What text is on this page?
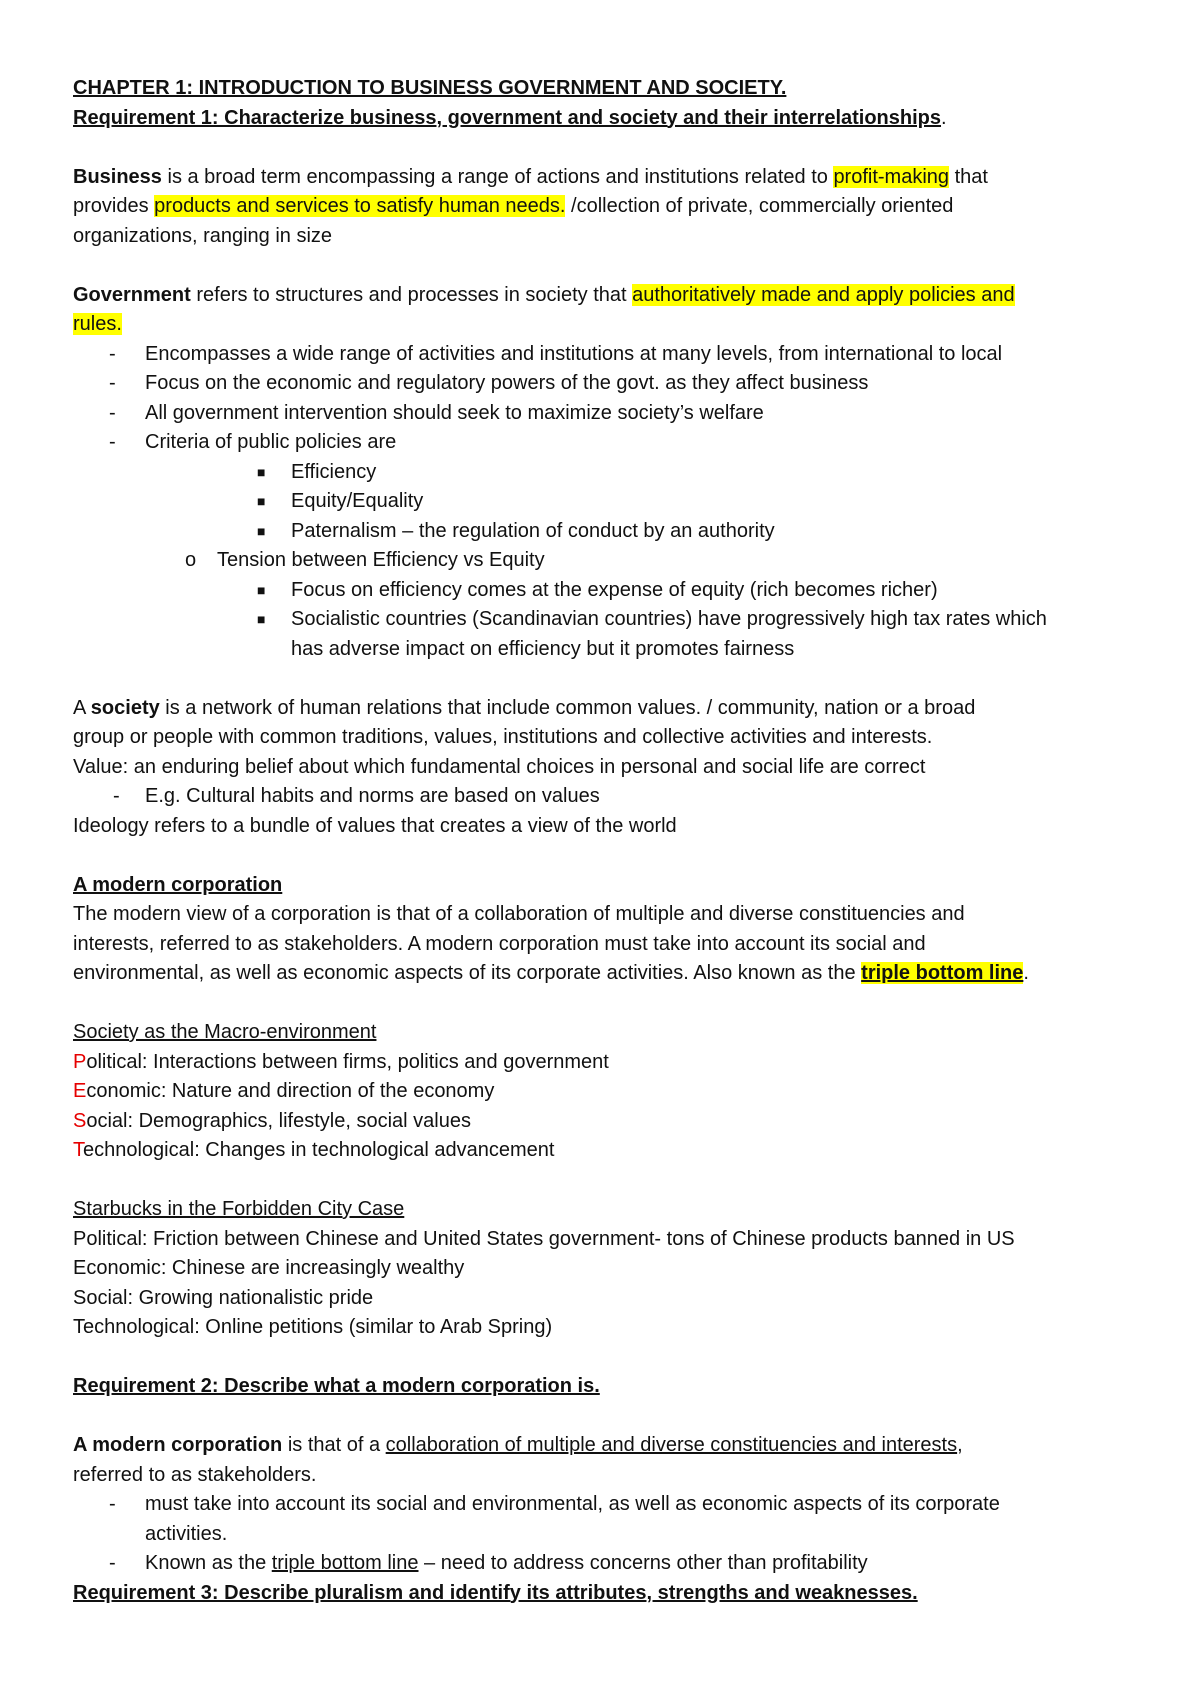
CHAPTER 1: INTRODUCTION TO BUSINESS GOVERNMENT AND SOCIETY.
Requirement 1: Characterize business, government and society and their interrelationships.
Business is a broad term encompassing a range of actions and institutions related to profit-making that
provides products and services to satisfy human needs. /collection of private, commercially oriented
organizations, ranging in size
Government refers to structures and processes in society that authoritatively made and apply policies and
rules.
- Encompasses a wide range of activities and institutions at many levels, from international to local
- Focus on the economic and regulatory powers of the govt. as they affect business
- All government intervention should seek to maximize society’s welfare
- Criteria of public policies are
■ Efficiency
■ Equity/Equality
■ Paternalism – the regulation of conduct by an authority
o Tension between Efficiency vs Equity
■ Focus on efficiency comes at the expense of equity (rich becomes richer)
■ Socialistic countries (Scandinavian countries) have progressively high tax rates which
has adverse impact on efficiency but it promotes fairness
A society is a network of human relations that include common values. / community, nation or a broad
group or people with common traditions, values, institutions and collective activities and interests.
Value: an enduring belief about which fundamental choices in personal and social life are correct
- E.g. Cultural habits and norms are based on values
Ideology refers to a bundle of values that creates a view of the world
A modern corporation
The modern view of a corporation is that of a collaboration of multiple and diverse constituencies and
interests, referred to as stakeholders. A modern corporation must take into account its social and
environmental, as well as economic aspects of its corporate activities. Also known as the triple bottom line.
Society as the Macro-environment
Political: Interactions between firms, politics and government
Economic: Nature and direction of the economy
Social: Demographics, lifestyle, social values
Technological: Changes in technological advancement
Starbucks in the Forbidden City Case
Political: Friction between Chinese and United States government- tons of Chinese products banned in US
Economic: Chinese are increasingly wealthy
Social: Growing nationalistic pride
Technological: Online petitions (similar to Arab Spring)
Requirement 2: Describe what a modern corporation is.
A modern corporation is that of a collaboration of multiple and diverse constituencies and interests,
referred to as stakeholders.
- must take into account its social and environmental, as well as economic aspects of its corporate
activities.
- Known as the triple bottom line – need to address concerns other than profitability
Requirement 3: Describe pluralism and identify its attributes, strengths and weaknesses.
